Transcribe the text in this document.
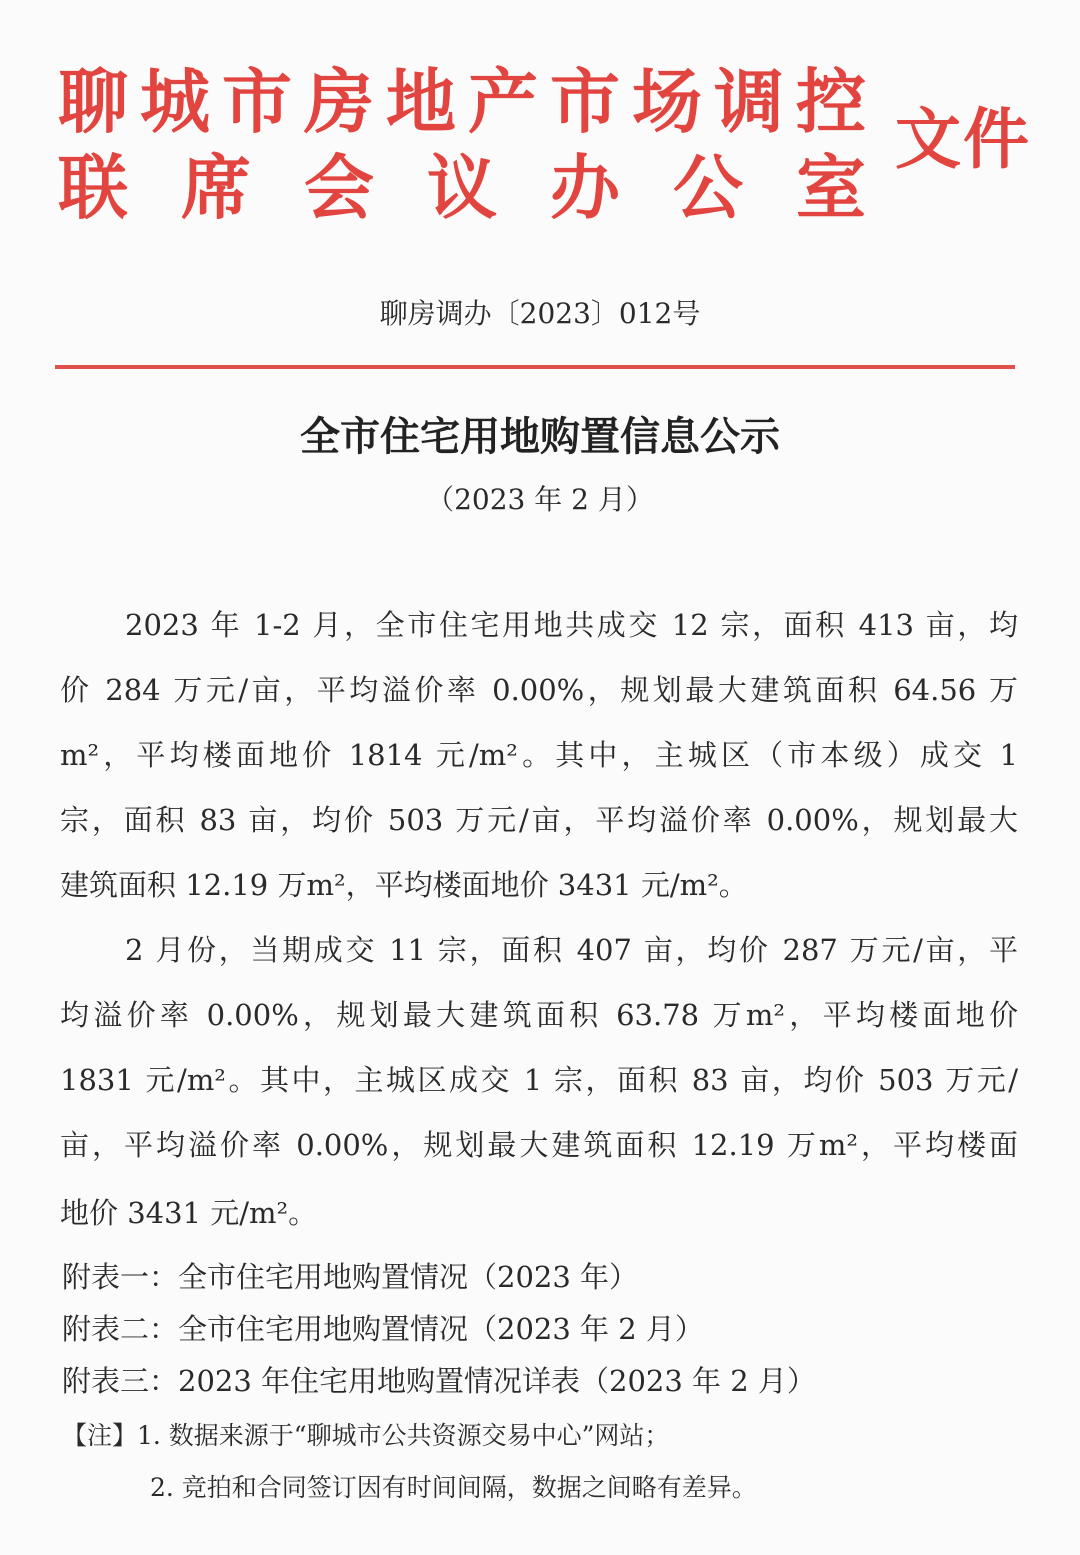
聊城市房地产市场调控
联席会议办公室
文件
聊房调办〔2023〕012号
全市住宅用地购置信息公示
（2023 年 2 月）
2023 年 1-2 月，全市住宅用地共成交 12 宗，面积 413 亩，均
价 284 万元/亩，平均溢价率 0.00%，规划最大建筑面积 64.56 万
m²，平均楼面地价 1814 元/m²。其中，主城区（市本级）成交 1
宗，面积 83 亩，均价 503 万元/亩，平均溢价率 0.00%，规划最大
建筑面积 12.19 万m²，平均楼面地价 3431 元/m²。
2 月份，当期成交 11 宗，面积 407 亩，均价 287 万元/亩，平
均溢价率 0.00%，规划最大建筑面积 63.78 万m²，平均楼面地价
1831 元/m²。其中，主城区成交 1 宗，面积 83 亩，均价 503 万元/
亩，平均溢价率 0.00%，规划最大建筑面积 12.19 万m²，平均楼面
地价 3431 元/m²。
附表一：全市住宅用地购置情况（2023 年）
附表二：全市住宅用地购置情况（2023 年 2 月）
附表三：2023 年住宅用地购置情况详表（2023 年 2 月）
【注】1. 数据来源于“聊城市公共资源交易中心”网站；
2. 竞拍和合同签订因有时间间隔，数据之间略有差异。
